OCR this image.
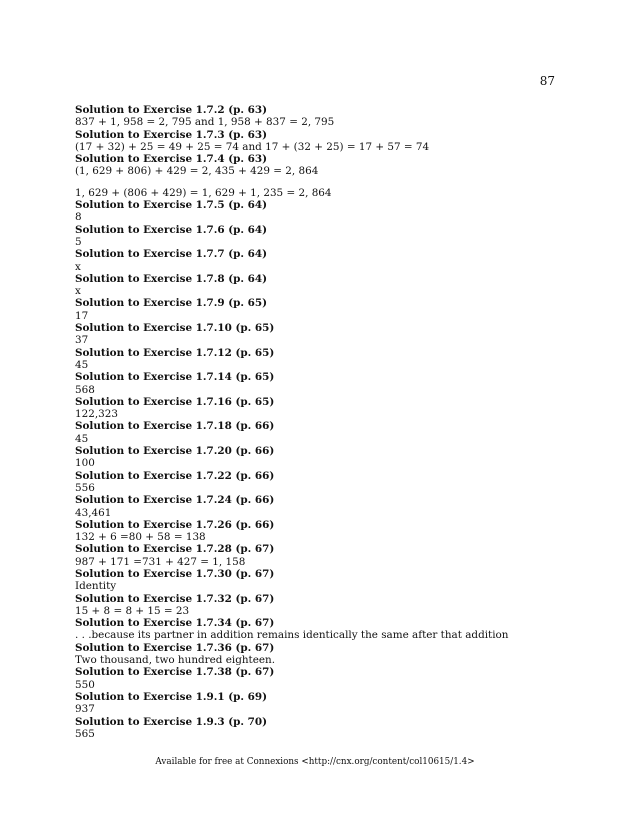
87
Solution to Exercise 1.7.2 (p. 63)
837 + 1, 958 = 2, 795 and 1, 958 + 837 = 2, 795
Solution to Exercise 1.7.3 (p. 63)
(17 + 32) + 25 = 49 + 25 = 74 and 17 + (32 + 25) = 17 + 57 = 74
Solution to Exercise 1.7.4 (p. 63)
(1, 629 + 806) + 429 = 2, 435 + 429 = 2, 864
1, 629 + (806 + 429) = 1, 629 + 1, 235 = 2, 864
Solution to Exercise 1.7.5 (p. 64)
8
Solution to Exercise 1.7.6 (p. 64)
5
Solution to Exercise 1.7.7 (p. 64)
x
Solution to Exercise 1.7.8 (p. 64)
x
Solution to Exercise 1.7.9 (p. 65)
17
Solution to Exercise 1.7.10 (p. 65)
37
Solution to Exercise 1.7.12 (p. 65)
45
Solution to Exercise 1.7.14 (p. 65)
568
Solution to Exercise 1.7.16 (p. 65)
122,323
Solution to Exercise 1.7.18 (p. 66)
45
Solution to Exercise 1.7.20 (p. 66)
100
Solution to Exercise 1.7.22 (p. 66)
556
Solution to Exercise 1.7.24 (p. 66)
43,461
Solution to Exercise 1.7.26 (p. 66)
132 + 6 =80 + 58 = 138
Solution to Exercise 1.7.28 (p. 67)
987 + 171 =731 + 427 = 1, 158
Solution to Exercise 1.7.30 (p. 67)
Identity
Solution to Exercise 1.7.32 (p. 67)
15 + 8 = 8 + 15 = 23
Solution to Exercise 1.7.34 (p. 67)
. . .because its partner in addition remains identically the same after that addition
Solution to Exercise 1.7.36 (p. 67)
Two thousand, two hundred eighteen.
Solution to Exercise 1.7.38 (p. 67)
550
Solution to Exercise 1.9.1 (p. 69)
937
Solution to Exercise 1.9.3 (p. 70)
565
Available for free at Connexions <http://cnx.org/content/col10615/1.4>
